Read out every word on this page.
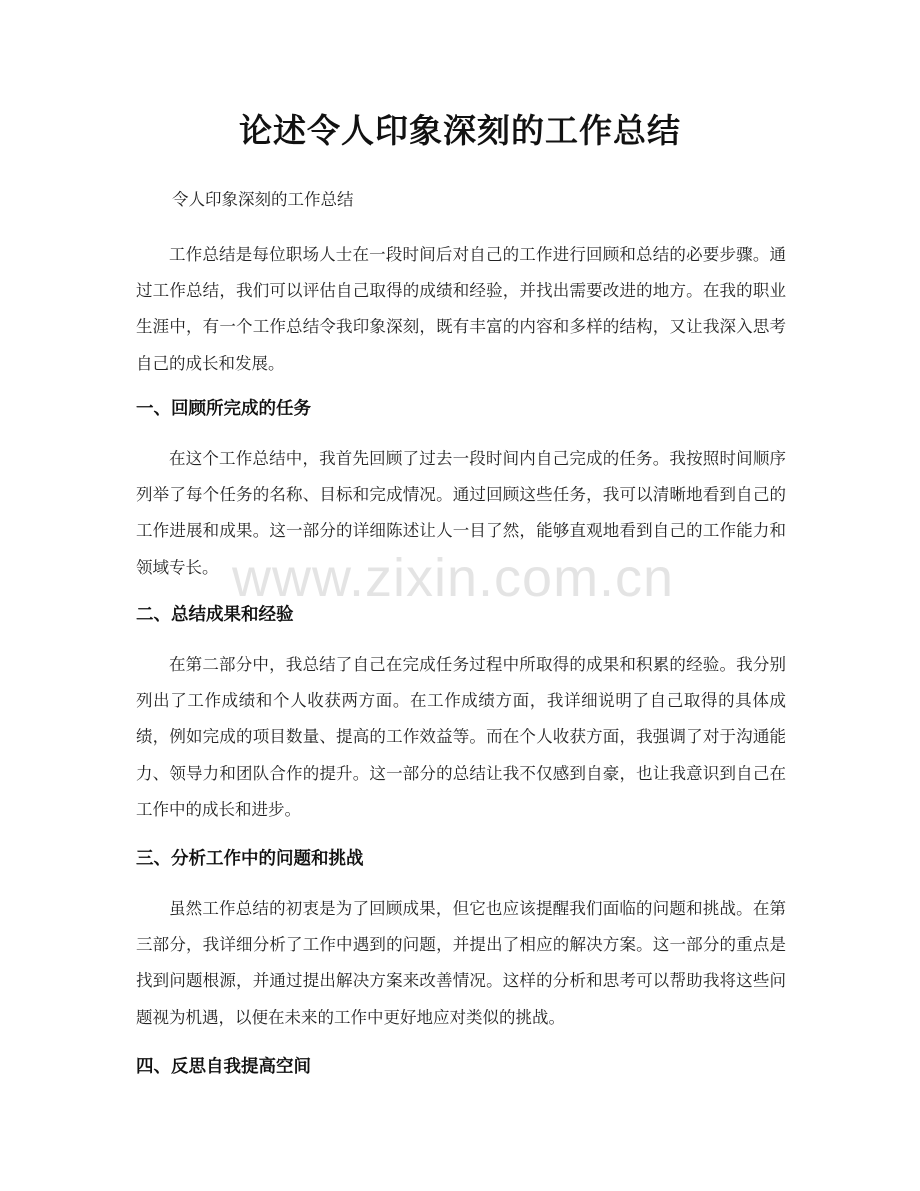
论述令人印象深刻的工作总结
令人印象深刻的工作总结

工作总结是每位职场人士在一段时间后对自己的工作进行回顾和总结的必要步骤。通过工作总结，我们可以评估自己取得的成绩和经验，并找出需要改进的地方。在我的职业生涯中，有一个工作总结令我印象深刻，既有丰富的内容和多样的结构，又让我深入思考自己的成长和发展。

一、回顾所完成的任务

在这个工作总结中，我首先回顾了过去一段时间内自己完成的任务。我按照时间顺序列举了每个任务的名称、目标和完成情况。通过回顾这些任务，我可以清晰地看到自己的工作进展和成果。这一部分的详细陈述让人一目了然，能够直观地看到自己的工作能力和领域专长。

二、总结成果和经验

在第二部分中，我总结了自己在完成任务过程中所取得的成果和积累的经验。我分别列出了工作成绩和个人收获两方面。在工作成绩方面，我详细说明了自己取得的具体成绩，例如完成的项目数量、提高的工作效益等。而在个人收获方面，我强调了对于沟通能力、领导力和团队合作的提升。这一部分的总结让我不仅感到自豪，也让我意识到自己在工作中的成长和进步。

三、分析工作中的问题和挑战

虽然工作总结的初衷是为了回顾成果，但它也应该提醒我们面临的问题和挑战。在第三部分，我详细分析了工作中遇到的问题，并提出了相应的解决方案。这一部分的重点是找到问题根源，并通过提出解决方案来改善情况。这样的分析和思考可以帮助我将这些问题视为机遇，以便在未来的工作中更好地应对类似的挑战。

四、反思自我提高空间
www.zixin.com.cn
